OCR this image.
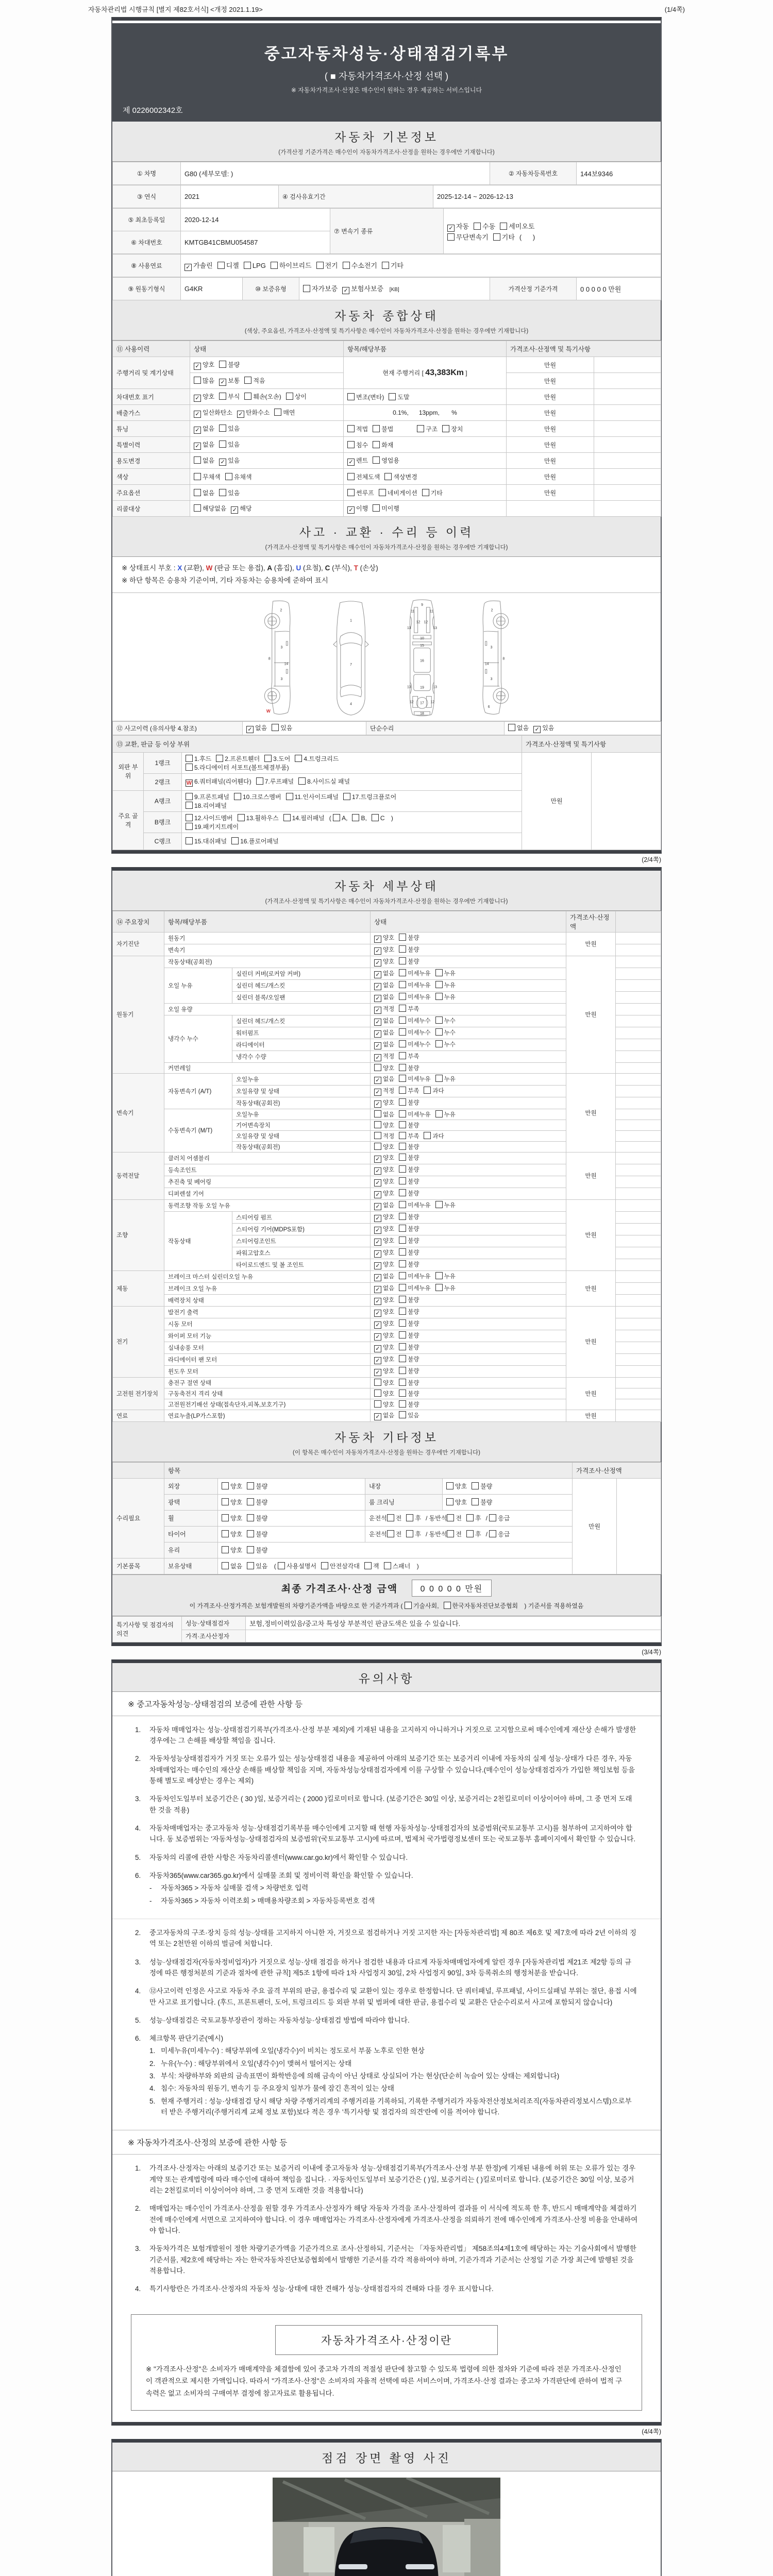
자동차관리법 시행규칙 [별지 제82호서식] <개정 2021.1.19>	(1/4쪽)
중고자동차성능·상태점검기록부
( ■ 자동차가격조사·산정 선택 )
※ 자동차가격조사·산정은 매수인이 원하는 경우 제공하는 서비스입니다
제 0226002342호
자동차 기본정보
(가격산정 기준가격은 매수인이 자동차가격조사·산정을 원하는 경우에만 기재합니다)
① 차명	G80 (세부모델: )	② 자동차등록번호	144보9346
③ 연식	2021	④ 검사유효기간	2025-12-14 ~ 2026-12-13
⑤ 최초등록일	2020-12-14	⑦ 변속기 종류	✓ 자동 수동 세미오토
무단변속기 기타 (      )
⑥ 차대번호	KMTGB41CBMU054587		
⑧ 사용연료	✓ 가솔린 디젤 LPG 하이브리드 전기 수소전기 기타
⑨ 원동기형식	G4KR	⑩ 보증유형	자가보증 ✓ 보험사보증 [KB]	가격산정 기준가격	0 0 0 0 0 만원
자동차 종합상태
(색상, 주요옵션, 가격조사·산정액 및 특기사항은 매수인이 자동차가격조사·산정을 원하는 경우에만 기재합니다)
⑪ 사용이력	상태	항목/해당부품	가격조사·산정액 및 특기사항	
주행거리 및 계기상태	✓ 양호 불량	현재 주행거리 [ 43,383Km ]	만원	
	많음 ✓ 보통 적음		만원	
차대번호 표기	✓ 양호 부식 훼손(오손) 상이	변조(변타) 도말	만원	
배출가스	✓ 일산화탄소 ✓ 탄화수소 매연	0.1%,      13ppm,       %	만원	
튜닝	✓ 없음 있음	적법 불법 구조 장치	만원	
특별이력	✓ 없음 있음	침수 화재	만원	
용도변경	없음 ✓ 있음	✓ 렌트 영업용	만원	
색상	무채색 유채색	전체도색 색상변경	만원	
주요옵션	없음 있음	썬루프 네비게이션 기타	만원	
리콜대상	해당없음 ✓ 해당	✓ 이행 미이행		
사고 · 교환 · 수리 등 이력
(가격조사·산정액 및 특기사항은 매수인이 자동차가격조사·산정을 원하는 경우에만 기재합니다)
※ 상태표시 부호 : X (교환), W (판금 또는 용접), A (흠집), U (요철), C (부식), T (손상)
※ 하단 항목은 승용차 기준이며, 기타 자동차는 승용차에 준하여 표시
2
8
3
14
3
W
1
7
4
9
11 11
13	13
12 12
10
15
16
13 19 13
12 12
17
18
2
3
8
14
3
6
⑫ 사고이력 (유의사항 4.참조)	✓ 없음 있음	단순수리	없음 ✓ 있음
⑬ 교환, 판금 등 이상 부위			가격조사·산정액 및 특기사항	
외판 부위	1랭크	1.후드 2.프론트휀더 3.도어 4.트렁크리드
5.라디에이터 서포트(볼트체결부품)	만원	
	2랭크	W 6.쿼터패널(리어휀다) 7.루프패널 8.사이드실 패널		
주요 골격	A랭크	9.프론트패널 10.크로스멤버 11.인사이드패널 17.트렁크플로어
18.리어패널		
	B랭크	12.사이드멤버 13.휠하우스 14.필러패널 ( A, B, C )
19.패키지트레이		
	C랭크	15.대쉬패널 16.플로어패널		
(2/4쪽)
자동차 세부상태
(가격조사·산정액 및 특기사항은 매수인이 자동차가격조사·산정을 원하는 경우에만 기재합니다)
⑭ 주요장치	항목/해당부품		상태	가격조사·산정액	
자기진단	원동기		✓ 양호 불량	만원	
	변속기		✓ 양호 불량		
원동기	작동상태(공회전)		✓ 양호 불량	만원	
	오일 누유	실린더 커버(로커암 커버)	✓ 없음 미세누유 누유		
		실린더 헤드/개스킷	✓ 없음 미세누유 누유		
		실린더 블록/오일팬	✓ 없음 미세누유 누유		
	오일 유량		✓ 적정 부족		
	냉각수 누수	실린더 헤드/개스킷	✓ 없음 미세누수 누수		
		워터펌프	✓ 없음 미세누수 누수		
		라디에이터	✓ 없음 미세누수 누수		
		냉각수 수량	✓ 적정 부족		
	커먼레일		양호 불량		
변속기	자동변속기 (A/T)	오일누유	✓ 없음 미세누유 누유	만원	
		오일유량 및 상태	✓ 적정 부족 과다		
		작동상태(공회전)	✓ 양호 불량		
	수동변속기 (M/T)	오일누유	없음 미세누유 누유		
		기어변속장치	양호 불량		
		오일유량 및 상태	적정 부족 과다		
		작동상태(공회전)	양호 불량		
동력전달	클러치 어셈블리		✓ 양호 불량	만원	
	등속조인트		✓ 양호 불량		
	추진축 및 베어링		✓ 양호 불량		
	디퍼렌셜 기어		✓ 양호 불량		
조향	동력조향 작동 오일 누유		✓ 없음 미세누유 누유	만원	
	작동상태	스티어링 펌프	✓ 양호 불량		
		스티어링 기어(MDPS포함)	✓ 양호 불량		
		스티어링조인트	✓ 양호 불량		
		파워고압호스	✓ 양호 불량		
		타이로드엔드 및 볼 조인트	✓ 양호 불량		
제동	브레이크 마스터 실린더오일 누유		✓ 없음 미세누유 누유	만원	
	브레이크 오일 누유		✓ 없음 미세누유 누유		
	배력장치 상태		✓ 양호 불량		
전기	발전기 출력		✓ 양호 불량	만원	
	시동 모터		✓ 양호 불량		
	와이퍼 모터 기능		✓ 양호 불량		
	실내송풍 모터		✓ 양호 불량		
	라디에이터 팬 모터		✓ 양호 불량		
	윈도우 모터		✓ 양호 불량		
고전원 전기장치	충전구 절연 상태		양호 불량	만원	
	구동축전지 격리 상태		양호 불량		
	고전원전기배선 상태(접속단자,피복,보호기구)		양호 불량		
연료	연료누출(LP가스포함)		✓ 없음 있음	만원	
자동차 기타정보
(이 항목은 매수인이 자동차가격조사·산정을 원하는 경우에만 기재합니다)
	항목				가격조사·산정액	
수리필요	외장	양호 불량	내장	양호 불량	만원	
	광택	양호 불량	룸 크리닝	양호 불량		
	휠	양호 불량	운전석 전 후 / 동반석 전 후 / 응급			
	타이어	양호 불량	운전석 전 후 / 동반석 전 후 / 응급			
	유리	양호 불량				
기본품목	보유상태	없음 있음 ( 사용설명서 안전삼각대 잭 스패너 )				
최종 가격조사·산정 금액	0 0 0 0 0 만원
이 가격조사·산정가격은 보험개발원의 차량기준가액을 바탕으로 한 기준가격과 ( 기술사회, 한국자동차진단보증협회 ) 기준서를 적용하였음
특기사항 및 점검자의 의견	성능·상태점검자	보험,정비이력있음/중고차 특성상 부분적인 판금도색은 있을 수 있습니다.
	가격·조사산정자	
(3/4쪽)
유의사항
※ 중고자동차성능·상태점검의 보증에 관한 사항 등
1. 자동차 매매업자는 성능·상태점검기록부(가격조사·산정 부분 제외)에 기재된 내용을 고지하지 아니하거나 거짓으로 고지함으로써 매수인에게 재산상 손해가 발생한 경우에는 그 손해를 배상할 책임을 집니다.
2. 자동차성능상태점검자가 거짓 또는 오류가 있는 성능상태점검 내용을 제공하여 아래의 보증기간 또는 보증거리 이내에 자동차의 실제 성능·상태가 다른 경우, 자동차매매업자는 매수인의 재산상 손해를 배상할 책임을 지며, 자동차성능상태점검자에게 이를 구상할 수 있습니다.(매수인이 성능상태점검자가 가입한 책임보험 등을 통해 별도로 배상받는 경우는 제외)
3. 자동차인도일부터 보증기간은 ( 30 )일, 보증거리는 ( 2000 )킬로미터로 합니다. (보증기간은 30일 이상, 보증거리는 2천킬로미터 이상이어야 하며, 그 중 먼저 도래한 것을 적용)
4. 자동차매매업자는 중고자동차 성능·상태점검기록부를 매수인에게 고지할 때 현행 자동차성능·상태점검자의 보증범위(국토교통부 고시)를 첨부하여 고지하여야 합니다. 동 보증범위는 '자동차성능·상태점검자의 보증범위'(국토교통부 고시)에 따르며, 법제처 국가법령정보센터 또는 국토교통부 홈페이지에서 확인할 수 있습니다.
5. 자동차의 리콜에 관한 사항은 자동차리콜센터(www.car.go.kr)에서 확인할 수 있습니다.
6. 자동차365(www.car365.go.kr)에서 실매물 조회 및 정비이력 확인을 확인할 수 있습니다.
- 자동차365 > 자동차 실매물 검색 > 차량번호 입력
- 자동차365 > 자동차 이력조회 > 매매용차량조회 > 자동차등록번호 검색
2. 중고자동차의 구조·장치 등의 성능·상태를 고지하지 아니한 자, 거짓으로 점검하거나 거짓 고지한 자는 [자동차관리법] 제 80조 제6호 및 제7호에 따라 2년 이하의 징역 또는 2천만원 이하의 벌금에 처합니다.
3. 성능·상태점검자(자동차정비업자)가 거짓으로 성능·상태 점검을 하거나 점검한 내용과 다르게 자동차매매업자에게 알린 경우 [자동차관리법 제21조 제2항 등의 규정에 따른 행정처분의 기준과 절차에 관한 규칙] 제5조 1항에 따라 1차 사업정지 30일, 2차 사업정지 90일, 3차 등록취소의 행정처분을 받습니다.
4. ⑫사고이력 인정은 사고로 자동차 주요 골격 부위의 판금, 용접수리 및 교환이 있는 경우로 한정합니다. 단 쿼터패널, 루프패널, 사이드실패널 부위는 절단, 용접 시에만 사고로 표기합니다. (후드, 프론트펜더, 도어, 트렁크리드 등 외판 부위 및 범퍼에 대한 판금, 용접수리 및 교환은 단순수리로서 사고에 포함되지 않습니다)
5. 성능·상태점검은 국토교통부장관이 정하는 자동차성능·상태점검 방법에 따라야 합니다.
6. 체크항목 판단기준(예시)
1. 미세누유(미세누수) : 해당부위에 오일(냉각수)이 비치는 정도로서 부품 노후로 인한 현상
2. 누유(누수) : 해당부위에서 오일(냉각수)이 맺혀서 떨어지는 상태
3. 부식: 차량하부와 외판의 금속표면이 화학반응에 의해 금속이 아닌 상태로 상실되어 가는 현상(단순히 녹슬어 있는 상태는 제외합니다)
4. 침수: 자동차의 원동기, 변속기 등 주요장치 일부가 물에 잠긴 흔적이 있는 상태
5. 현재 주행거리 : 성능·상태점검 당시 해당 차량 주행거리계의 주행거리를 기록하되, 기록한 주행거리가 자동차전산정보처리조직(자동차관리정보시스템)으로부터 받은 주행거리(주행거리계 교체 정보 포함)보다 적은 경우 '특기사항 및 점검자의 의견'란에 이를 적어야 합니다.
※ 자동차가격조사·산정의 보증에 관한 사항 등
1. 가격조사·산정자는 아래의 보증기간 또는 보증거리 이내에 중고자동차 성능·상태점검기록부(가격조사·산정 부분 한정)에 기재된 내용에 허위 또는 오류가 있는 경우 계약 또는 관계법령에 따라 매수인에 대하여 책임을 집니다. · 자동차인도일부터 보증기간은 ( )일, 보증거리는 ( )킬로미터로 합니다. (보증기간은 30일 이상, 보증거리는 2천킬로미터 이상이어야 하며, 그 중 먼저 도래한 것을 적용합니다)
2. 매매업자는 매수인이 가격조사·산정을 원할 경우 가격조사·산정자가 해당 자동차 가격을 조사·산정하여 결과를 이 서식에 적도록 한 후, 반드시 매매계약을 체결하기 전에 매수인에게 서면으로 고지하여야 합니다. 이 경우 매매업자는 가격조사·산정자에게 가격조사·산정을 의뢰하기 전에 매수인에게 가격조사·산정 비용을 안내하여야 합니다.
3. 자동차가격은 보험개발원이 정한 차량기준가액을 기준가격으로 조사·산정하되, 기준서는 「자동차관리법」 제58조의4제1호에 해당하는 자는 기술사회에서 발행한 기준서를, 제2호에 해당하는 자는 한국자동차진단보증협회에서 발행한 기준서를 각각 적용하여야 하며, 기준가격과 기준서는 산정일 기준 가장 최근에 발행된 것을 적용합니다.
4. 특기사항란은 가격조사·산정자의 자동차 성능·상태에 대한 견해가 성능·상태점검자의 견해와 다를 경우 표시합니다.
자동차가격조사·산정이란
※ "가격조사·산정"은 소비자가 매매계약을 체결함에 있어 중고차 가격의 적절성 판단에 참고할 수 있도록 법령에 의한 절차와 기준에 따라 전문 가격조사·산정인이 객관적으로 제시한 가액입니다. 따라서 "가격조사·산정"은 소비자의 자율적 선택에 따른 서비스이며, 가격조사·산정 결과는 중고차 가격판단에 관하여 법적 구속력은 없고 소비자의 구매여부 결정에 참고자료로 활용됩니다.
(4/4쪽)
점검 장면 촬영 사진
